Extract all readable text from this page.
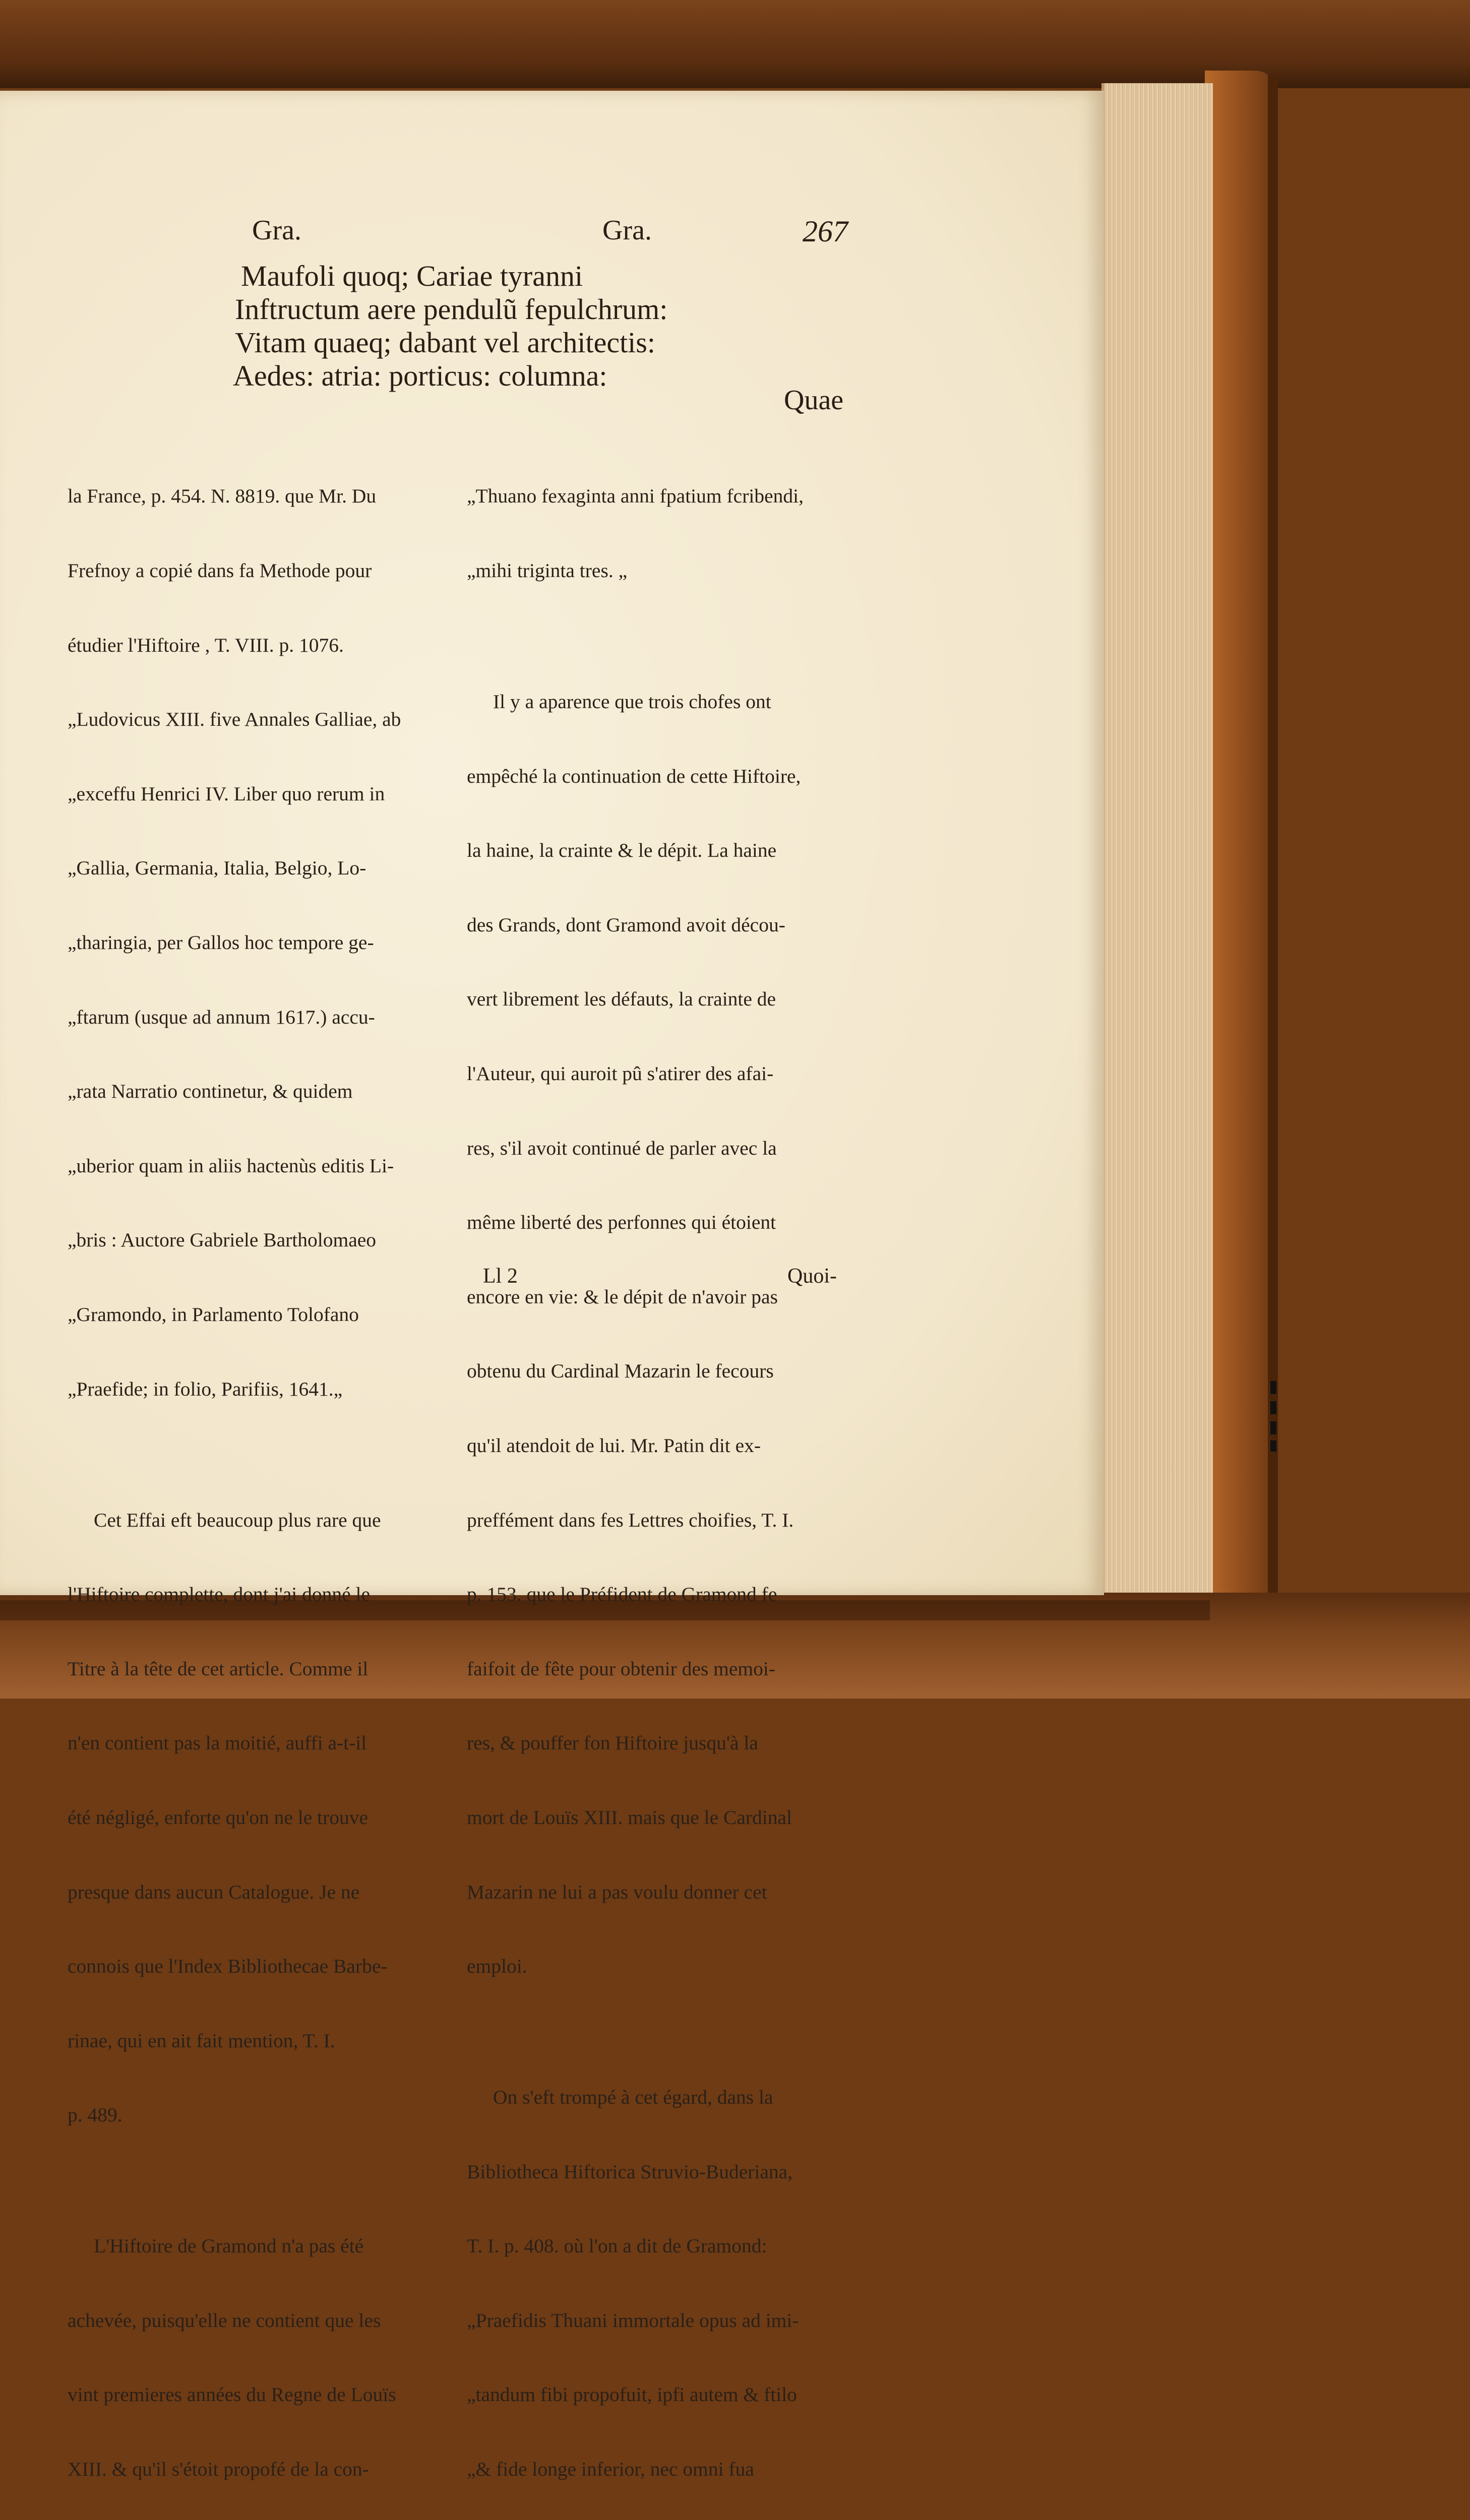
Gra.	Gra.	267
Maufoli quoq; Cariae tyranni
Inftructum aere pendulũ fepulchrum:
Vitam quaeq; dabant vel architectis:
Aedes: atria: porticus: columna:
Quae

la France, p. 454. N. 8819. que Mr. Du

Frefnoy a copié dans fa Methode pour

étudier l'Hiftoire , T. VIII. p. 1076.

„Ludovicus XIII. five Annales Galliae, ab

„exceffu Henrici IV. Liber quo rerum in

„Gallia, Germania, Italia, Belgio, Lo-

„tharingia, per Gallos hoc tempore ge-

„ftarum (usque ad annum 1617.) accu-

„rata Narratio continetur, & quidem

„uberior quam in aliis hactenùs editis Li-

„bris : Auctore Gabriele Bartholomaeo

„Gramondo, in Parlamento Tolofano

„Praefide; in folio, Parifiis, 1641.„

Cet Effai eft beaucoup plus rare que

l'Hiftoire complette, dont j'ai donné le

Titre à la tête de cet article. Comme il

n'en contient pas la moitié, auffi a-t-il

été négligé, enforte qu'on ne le trouve

presque dans aucun Catalogue. Je ne

connois que l'Index Bibliothecae Barbe-

rinae, qui en ait fait mention, T. I.

p. 489.

L'Hiftoire de Gramond n'a pas été

achevée, puisqu'elle ne contient que les

vint premieres années du Regne de Louïs

XIII. & qu'il s'étoit propofé de la con-

„Thuano fexaginta anni fpatium fcribendi,

„mihi triginta tres. „

Il y a aparence que trois chofes ont

empêché la continuation de cette Hiftoire,

la haine, la crainte & le dépit. La haine

des Grands, dont Gramond avoit décou-

vert librement les défauts, la crainte de

l'Auteur, qui auroit pû s'atirer des afai-

res, s'il avoit continué de parler avec la

même liberté des perfonnes qui étoient

encore en vie: & le dépit de n'avoir pas

obtenu du Cardinal Mazarin le fecours

qu'il atendoit de lui. Mr. Patin dit ex-

preffément dans fes Lettres choifies, T. I.

p. 153. que le Préfident de Gramond fe

faifoit de fête pour obtenir des memoi-

res, & pouffer fon Hiftoire jusqu'à la

mort de Louïs XIII. mais que le Cardinal

Mazarin ne lui a pas voulu donner cet

emploi.

On s'eft trompé à cet égard, dans la

Bibliotheca Hiftorica Struvio-Buderiana,

T. I. p. 408. où l'on a dit de Gramond:

„Praefidis Thuani immortale opus ad imi-

„tandum fibi propofuit, ipfi autem & ftilo

„& fide longe inferior, nec omni fua

Ll 2	Quoi-
